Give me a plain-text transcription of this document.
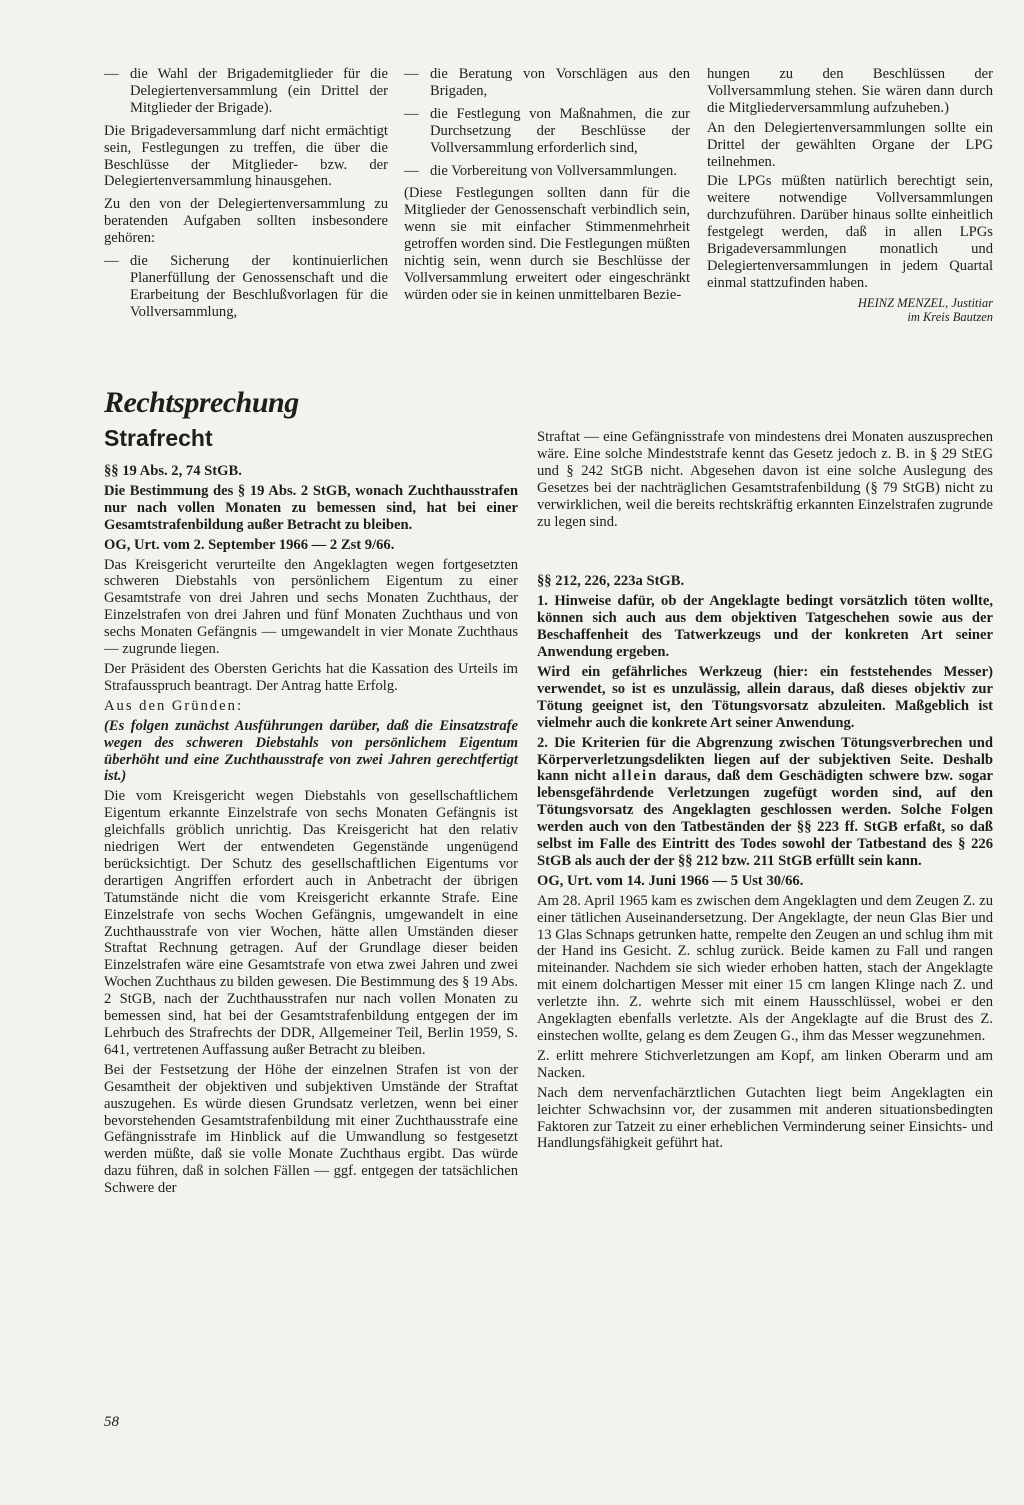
— die Wahl der Brigademitglieder für die Delegiertenversammlung (ein Drittel der Mitglieder der Brigade).

Die Brigadeversammlung darf nicht ermächtigt sein, Festlegungen zu treffen, die über die Beschlüsse der Mitglieder- bzw. der Delegiertenversammlung hinausgehen.

Zu den von der Delegiertenversammlung zu beratenden Aufgaben sollten insbesondere gehören:

— die Sicherung der kontinuierlichen Planerfüllung der Genossenschaft und die Erarbeitung der Beschlußvorlagen für die Vollversammlung,
— die Beratung von Vorschlägen aus den Brigaden,
— die Festlegung von Maßnahmen, die zur Durchsetzung der Beschlüsse der Vollversammlung erforderlich sind,
— die Vorbereitung von Vollversammlungen.

(Diese Festlegungen sollten dann für die Mitglieder der Genossenschaft verbindlich sein, wenn sie mit einfacher Stimmenmehrheit getroffen worden sind. Die Festlegungen müßten nichtig sein, wenn durch sie Beschlüsse der Vollversammlung erweitert oder eingeschränkt würden oder sie in keinen unmittelbaren Bezie-

hungen zu den Beschlüssen der Vollversammlung stehen. Sie wären dann durch die Mitgliederversammlung aufzuheben.)

An den Delegiertenversammlungen sollte ein Drittel der gewählten Organe der LPG teilnehmen.

Die LPGs müßten natürlich berechtigt sein, weitere notwendige Vollversammlungen durchzuführen. Darüber hinaus sollte einheitlich festgelegt werden, daß in allen LPGs Brigadeversammlungen monatlich und Delegiertenversammlungen in jedem Quartal einmal stattzufinden haben.

HEINZ MENZEL, Justitiar
im Kreis Bautzen
Rechtsprechung
Strafrecht

§§ 19 Abs. 2, 74 StGB.

Die Bestimmung des § 19 Abs. 2 StGB, wonach Zuchthausstrafen nur nach vollen Monaten zu bemessen sind, hat bei einer Gesamtstrafenbildung außer Betracht zu bleiben.

OG, Urt. vom 2. September 1966 — 2 Zst 9/66.

Das Kreisgericht verurteilte den Angeklagten wegen fortgesetzten schweren Diebstahls von persönlichem Eigentum zu einer Gesamtstrafe von drei Jahren und sechs Monaten Zuchthaus, der Einzelstrafen von drei Jahren und fünf Monaten Zuchthaus und von sechs Monaten Gefängnis — umgewandelt in vier Monate Zuchthaus — zugrunde liegen.

Der Präsident des Obersten Gerichts hat die Kassation des Urteils im Strafausspruch beantragt. Der Antrag hatte Erfolg.

Aus den Gründen:

(Es folgen zunächst Ausführungen darüber, daß die Einsatzstrafe wegen des schweren Diebstahls von persönlichem Eigentum überhöht und eine Zuchthausstrafe von zwei Jahren gerechtfertigt ist.)

Die vom Kreisgericht wegen Diebstahls von gesellschaftlichem Eigentum erkannte Einzelstrafe von sechs Monaten Gefängnis ist gleichfalls gröblich unrichtig. Das Kreisgericht hat den relativ niedrigen Wert der entwendeten Gegenstände ungenügend berücksichtigt. Der Schutz des gesellschaftlichen Eigentums vor derartigen Angriffen erfordert auch in Anbetracht der übrigen Tatumstände nicht die vom Kreisgericht erkannte Strafe. Eine Einzelstrafe von sechs Wochen Gefängnis, umgewandelt in eine Zuchthausstrafe von vier Wochen, hätte allen Umständen dieser Straftat Rechnung getragen. Auf der Grundlage dieser beiden Einzelstrafen wäre eine Gesamtstrafe von etwa zwei Jahren und zwei Wochen Zuchthaus zu bilden gewesen. Die Bestimmung des § 19 Abs. 2 StGB, nach der Zuchthausstrafen nur nach vollen Monaten zu bemessen sind, hat bei der Gesamtstrafenbildung entgegen der im Lehrbuch des Strafrechts der DDR, Allgemeiner Teil, Berlin 1959, S. 641, vertretenen Auffassung außer Betracht zu bleiben.

Bei der Festsetzung der Höhe der einzelnen Strafen ist von der Gesamtheit der objektiven und subjektiven Umstände der Straftat auszugehen. Es würde diesen Grundsatz verletzen, wenn bei einer bevorstehenden Gesamtstrafenbildung mit einer Zuchthausstrafe eine Gefängnisstrafe im Hinblick auf die Umwandlung so festgesetzt werden müßte, daß sie volle Monate Zuchthaus ergibt. Das würde dazu führen, daß in solchen Fällen — ggf. entgegen der tatsächlichen Schwere der

Straftat — eine Gefängnisstrafe von mindestens drei Monaten auszusprechen wäre. Eine solche Mindeststrafe kennt das Gesetz jedoch z. B. in § 29 StEG und § 242 StGB nicht. Abgesehen davon ist eine solche Auslegung des Gesetzes bei der nachträglichen Gesamtstrafenbildung (§ 79 StGB) nicht zu verwirklichen, weil die bereits rechtskräftig erkannten Einzelstrafen zugrunde zu legen sind.

§§ 212, 226, 223a StGB.

1. Hinweise dafür, ob der Angeklagte bedingt vorsätzlich töten wollte, können sich auch aus dem objektiven Tatgeschehen sowie aus der Beschaffenheit des Tatwerkzeugs und der konkreten Art seiner Anwendung ergeben.

Wird ein gefährliches Werkzeug (hier: ein feststehendes Messer) verwendet, so ist es unzulässig, allein daraus, daß dieses objektiv zur Tötung geeignet ist, den Tötungsvorsatz abzuleiten. Maßgeblich ist vielmehr auch die konkrete Art seiner Anwendung.

2. Die Kriterien für die Abgrenzung zwischen Tötungsverbrechen und Körperverletzungsdelikten liegen auf der subjektiven Seite. Deshalb kann nicht allein daraus, daß dem Geschädigten schwere bzw. sogar lebensgefährdende Verletzungen zugefügt worden sind, auf den Tötungsvorsatz des Angeklagten geschlossen werden. Solche Folgen werden auch von den Tatbeständen der §§ 223 ff. StGB erfaßt, so daß selbst im Falle des Eintritt des Todes sowohl der Tatbestand des § 226 StGB als auch der der §§ 212 bzw. 211 StGB erfüllt sein kann.

OG, Urt. vom 14. Juni 1966 — 5 Ust 30/66.

Am 28. April 1965 kam es zwischen dem Angeklagten und dem Zeugen Z. zu einer tätlichen Auseinandersetzung. Der Angeklagte, der neun Glas Bier und 13 Glas Schnaps getrunken hatte, rempelte den Zeugen an und schlug ihm mit der Hand ins Gesicht. Z. schlug zurück. Beide kamen zu Fall und rangen miteinander. Nachdem sie sich wieder erhoben hatten, stach der Angeklagte mit einem dolchartigen Messer mit einer 15 cm langen Klinge nach Z. und verletzte ihn. Z. wehrte sich mit einem Hausschlüssel, wobei er den Angeklagten ebenfalls verletzte. Als der Angeklagte auf die Brust des Z. einstechen wollte, gelang es dem Zeugen G., ihm das Messer wegzunehmen.

Z. erlitt mehrere Stichverletzungen am Kopf, am linken Oberarm und am Nacken.

Nach dem nervenfachärztlichen Gutachten liegt beim Angeklagten ein leichter Schwachsinn vor, der zusammen mit anderen situationsbedingten Faktoren zur Tatzeit zu einer erheblichen Verminderung seiner Einsichts- und Handlungsfähigkeit geführt hat.

58
